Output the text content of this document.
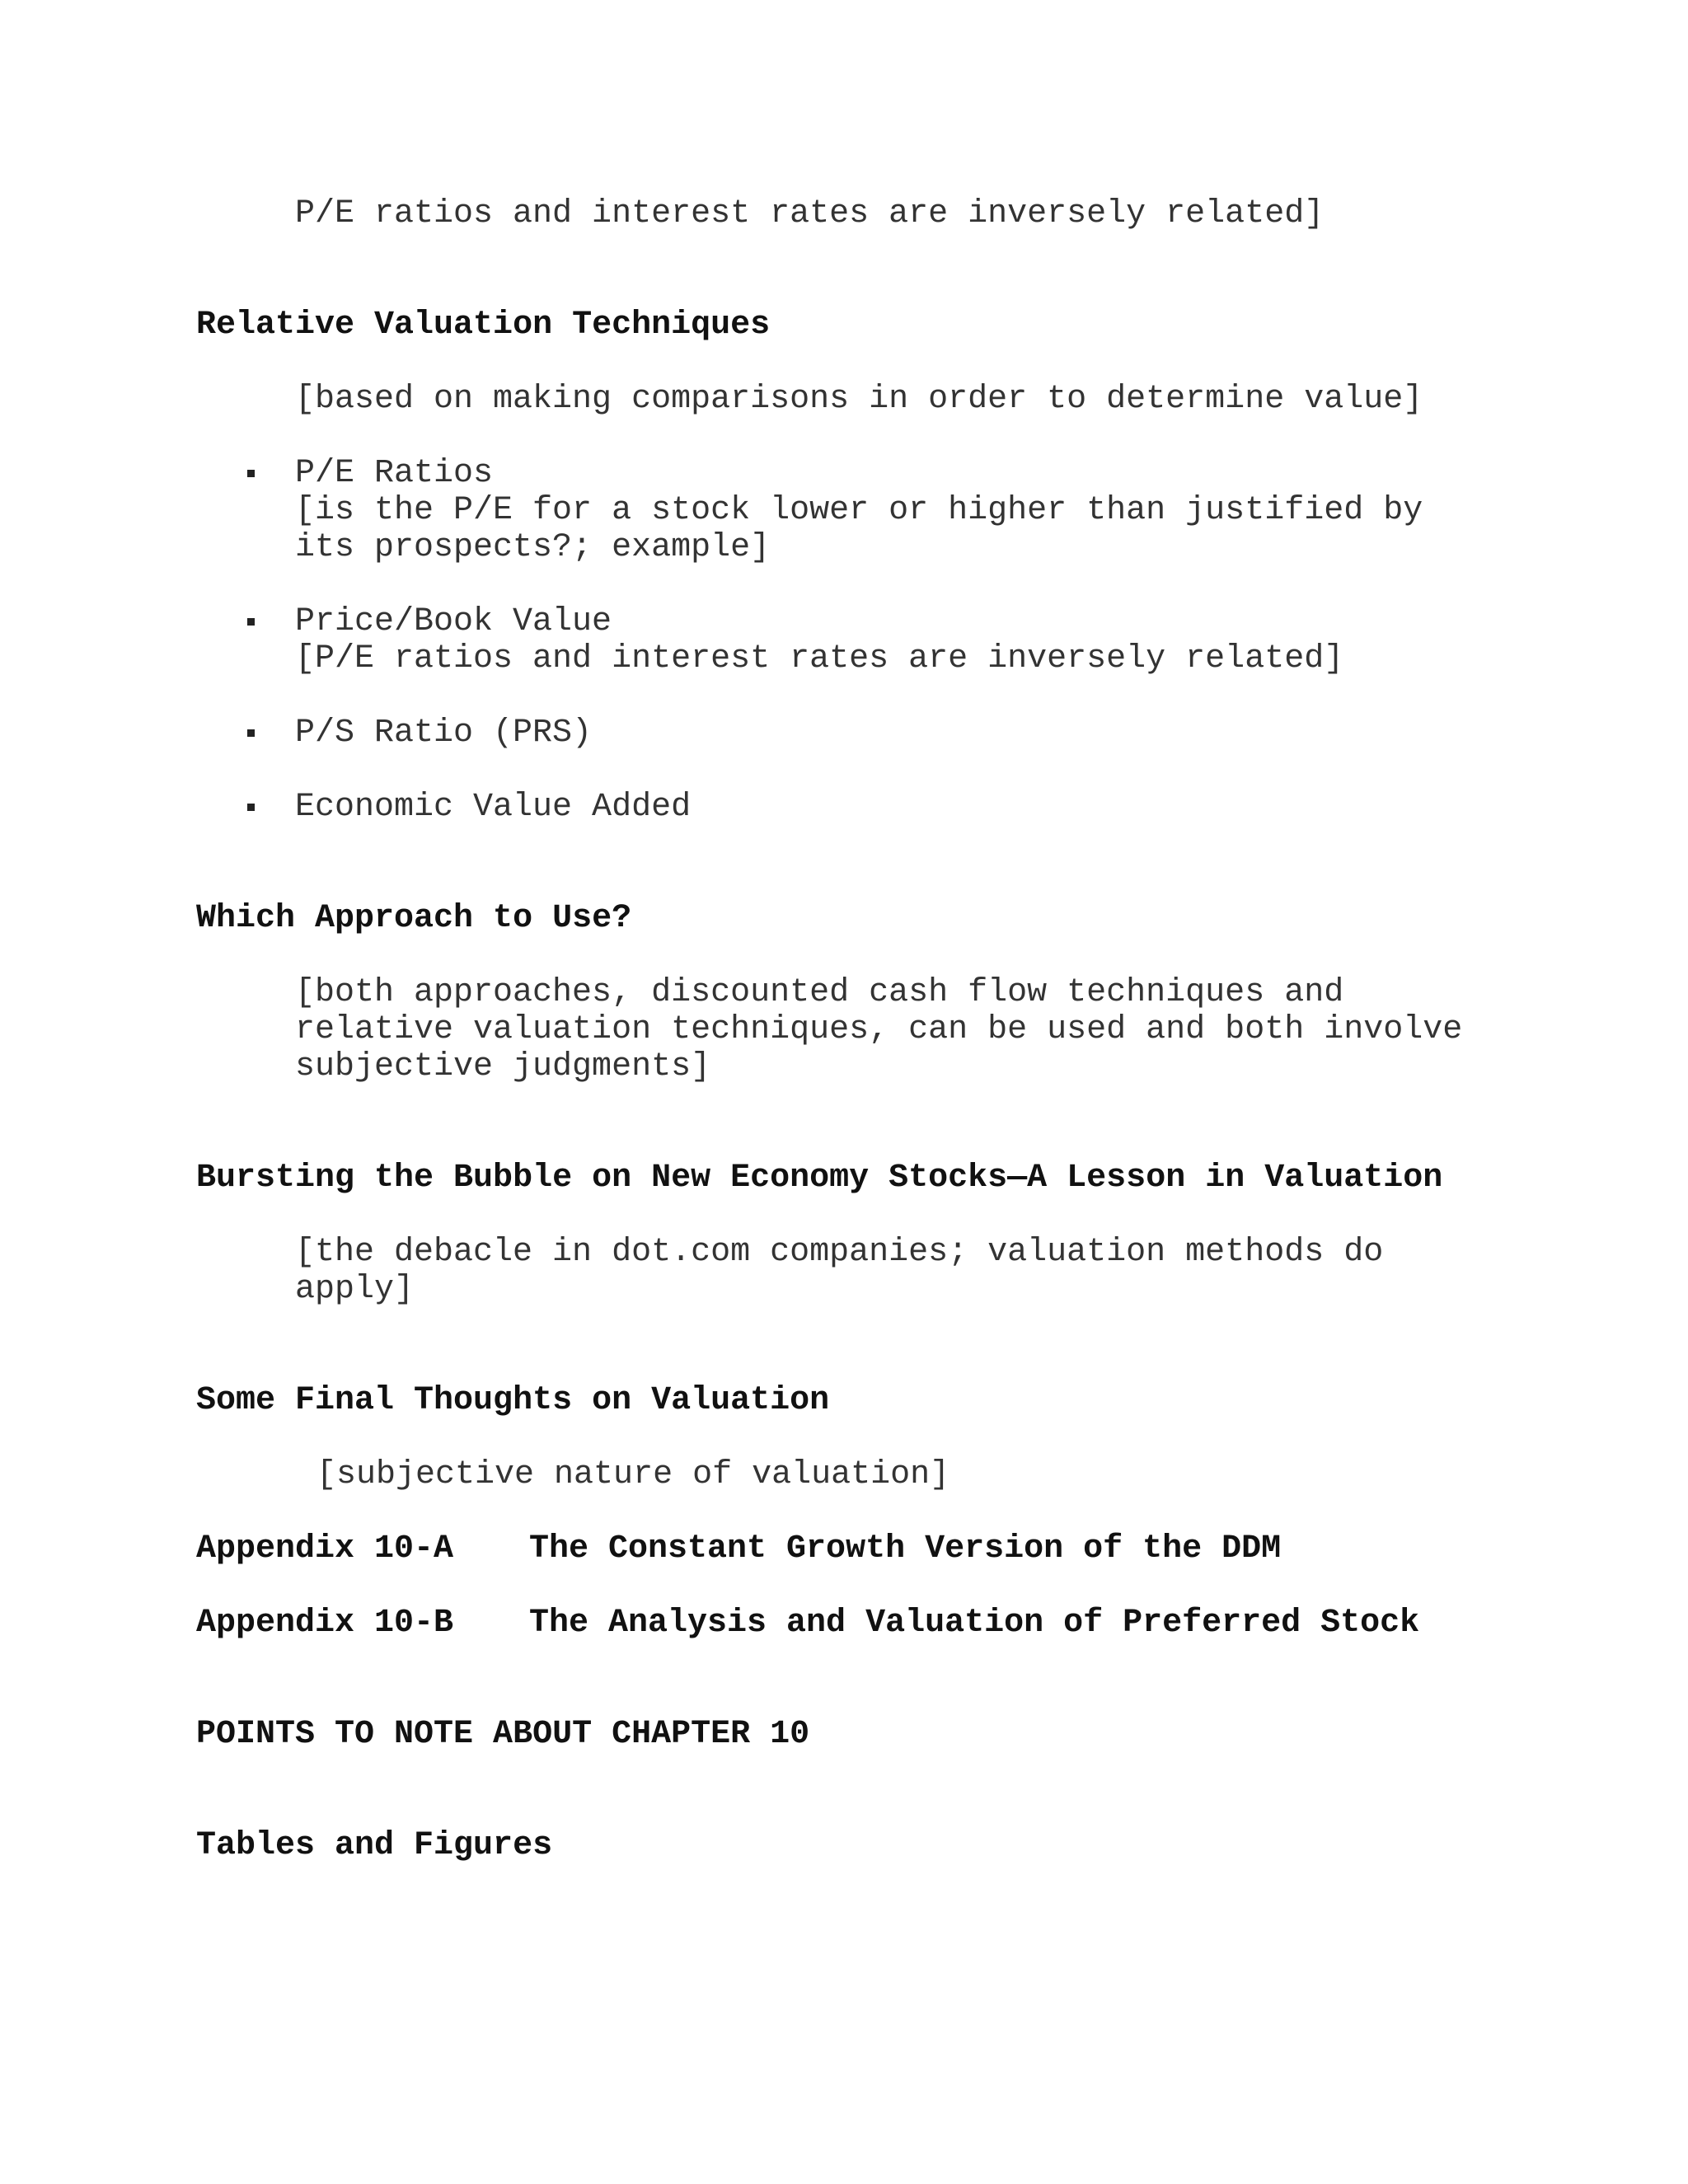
P/E ratios and interest rates are inversely related]

Relative Valuation Techniques

[based on making comparisons in order to determine value]

P/E Ratios

[is the P/E for a stock lower or higher than justified by

its prospects?; example]

Price/Book Value

[P/E ratios and interest rates are inversely related]

P/S Ratio (PRS)

Economic Value Added

Which Approach to Use?

[both approaches, discounted cash flow techniques and

relative valuation techniques, can be used and both involve

subjective judgments]

Bursting the Bubble on New Economy Stocks—A Lesson in Valuation

[the debacle in dot.com companies; valuation methods do

apply]

Some Final Thoughts on Valuation

[subjective nature of valuation]

Appendix 10-A The Constant Growth Version of the DDM

Appendix 10-B The Analysis and Valuation of Preferred Stock

POINTS TO NOTE ABOUT CHAPTER 10

Tables and Figures
